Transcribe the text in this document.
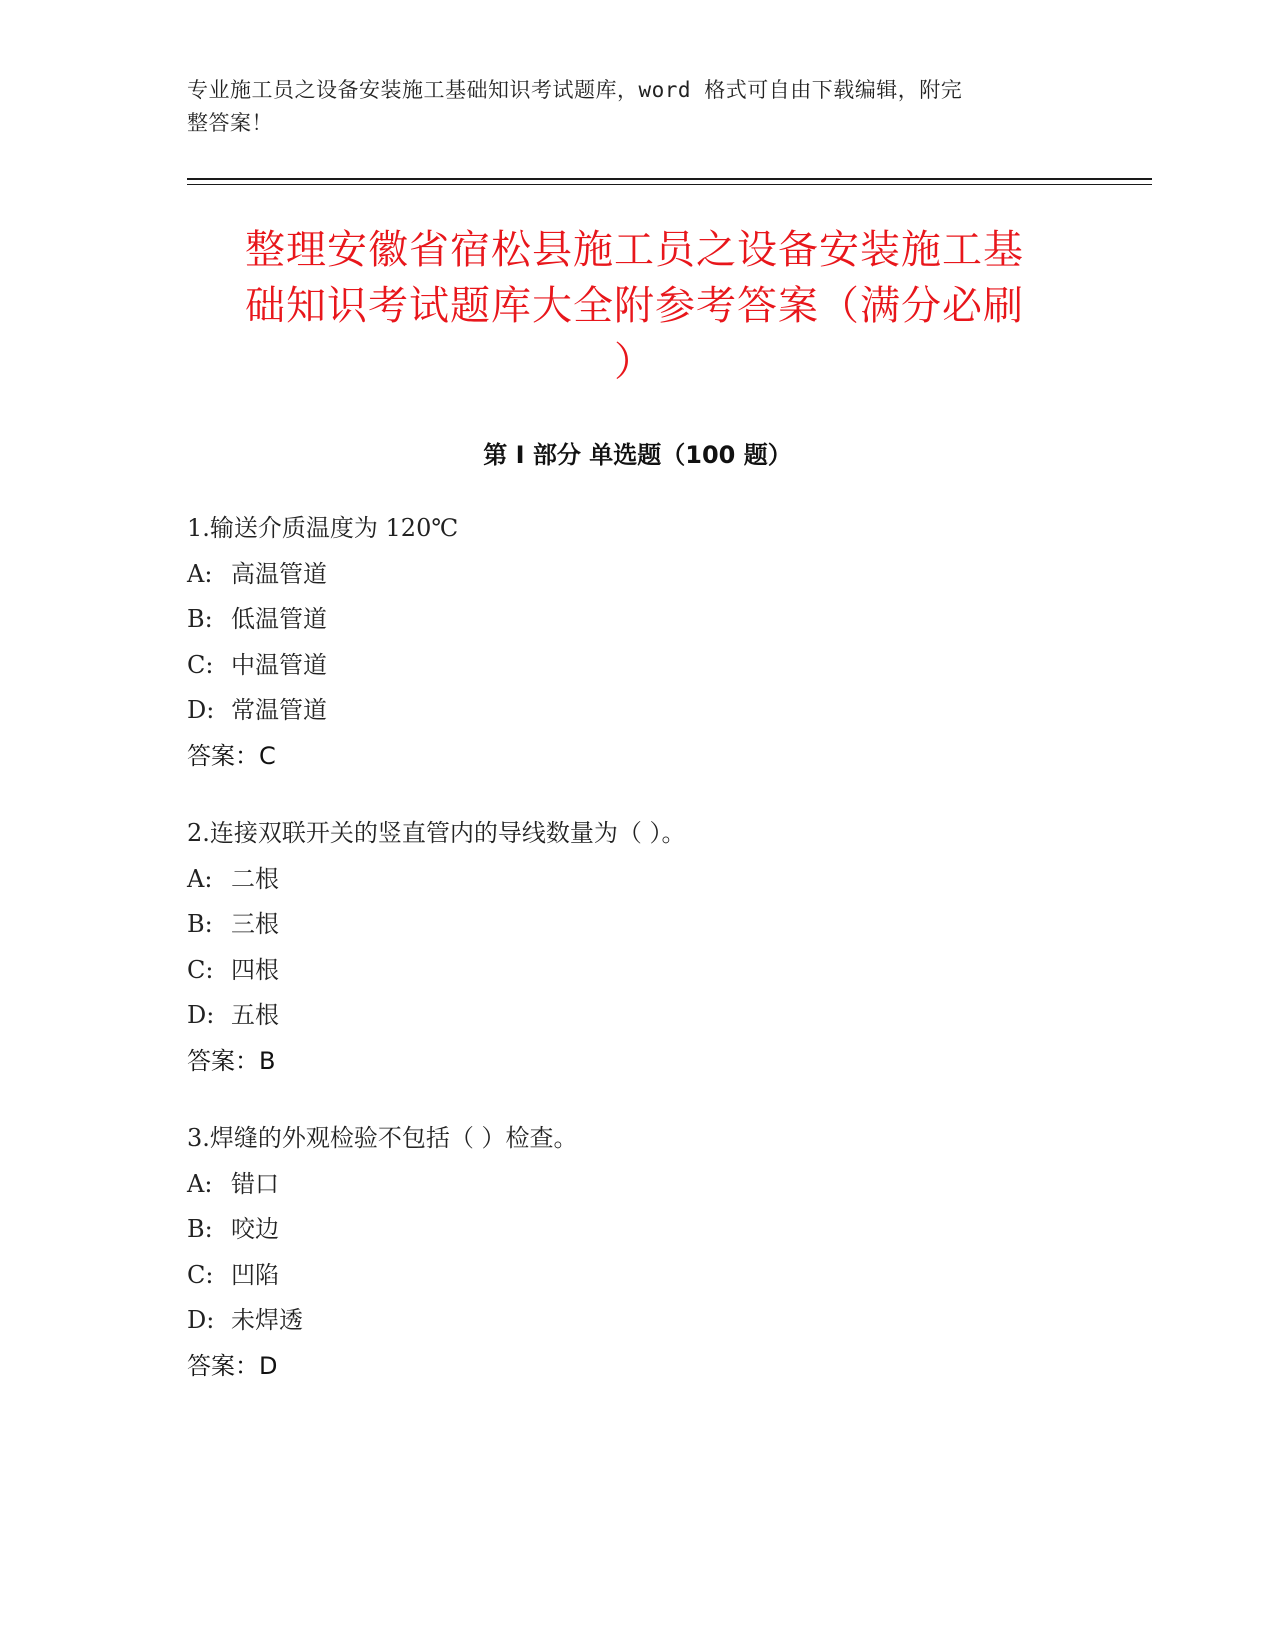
专业施工员之设备安装施工基础知识考试题库，word 格式可自由下载编辑，附完
整答案！
整理安徽省宿松县施工员之设备安装施工基
础知识考试题库大全附参考答案（满分必刷
）
第 I 部分 单选题（100 题）
1.输送介质温度为 120℃
A: 高温管道
B: 低温管道
C: 中温管道
D: 常温管道
答案：C
2.连接双联开关的竖直管内的导线数量为（ ）。
A: 二根
B: 三根
C: 四根
D: 五根
答案：B
3.焊缝的外观检验不包括（ ）检查。
A: 错口
B: 咬边
C: 凹陷
D: 未焊透
答案：D
